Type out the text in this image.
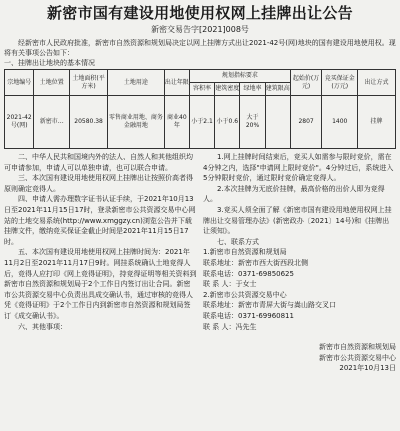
新密市国有建设用地使用权网上挂牌出让公告
新密交易告字[2021]008号
经新密市人民政府批准，新密市自然资源和规划局决定以网上挂牌方式出让2021-42号(网)地块的国有建设用地使用权。现将有关事项公告如下：
一、挂牌出让地块的基本情况
宗地编号	土地位置	土地面积(平方米)	土地用途	出让年限	规划指标要求				起始价(万元)	竞买保证金(万元)	出让方式
					容积率	建筑密度	绿地率	建筑限高			
2021-42号(网)	新密市…	20580.38	零售商业用地、商务金融用地	商业40年	小于2.1	小于0.6	大于20%		2807	1400	挂牌

二、中华人民共和国境内外的法人、自然人和其他组织均可申请参加，申请人可以单独申请，也可以联合申请。

三、本次国有建设用地使用权网上挂牌出让按照价高者得原则确定竞得人。

四、申请人需办理数字证书认证手续，于2021年10月13日至2021年11月15日17时，登录新密市公共资源交易中心网站的土地交易系统(http://www.xmggzy.cn)浏览公告并下载挂牌文件，缴纳竞买保证金截止时间是2021年11月15日17时。

五、本次国有建设用地使用权网上挂牌时间为：2021年11月2日至2021年11月17日9时。网挂系统确认土地竞得人后，竞得人应打印《网上竞得证明》，持竞得证明等相关资料到新密市自然资源和规划局于2个工作日内签订出让合同。新密市公共资源交易中心负责出具成交确认书，通过审核的竞得人凭《竞得证明》于2个工作日内到新密市自然资源和规划局签订《成交确认书》。

六、其他事项：

1.网上挂牌时间结束后，竞买人如需参与限时竞价，需在4分钟之内，选择"申请网上限时竞价"。4分钟过后，系统进入5分钟限时竞价，通过限时竞价确定竞得人。

2.本次挂牌为无底价挂牌，最高价格的出价人即为竞得人。

3.竞买人须全面了解《新密市国有建设用地使用权网上挂牌出让交易管理办法》(新密政办〔2021〕14号)和《挂牌出让须知》。

七、联系方式

1.新密市自然资源和规划局

联系地址：新密市西大街西段北侧

联系电话：0371-69850625

联 系 人：于女士

2.新密市公共资源交易中心

联系地址：新密市青屏大街与嵩山路交叉口

联系电话：0371-69960811

联 系 人：冯先生

新密市自然资源和规划局
新密市公共资源交易中心
2021年10月13日
